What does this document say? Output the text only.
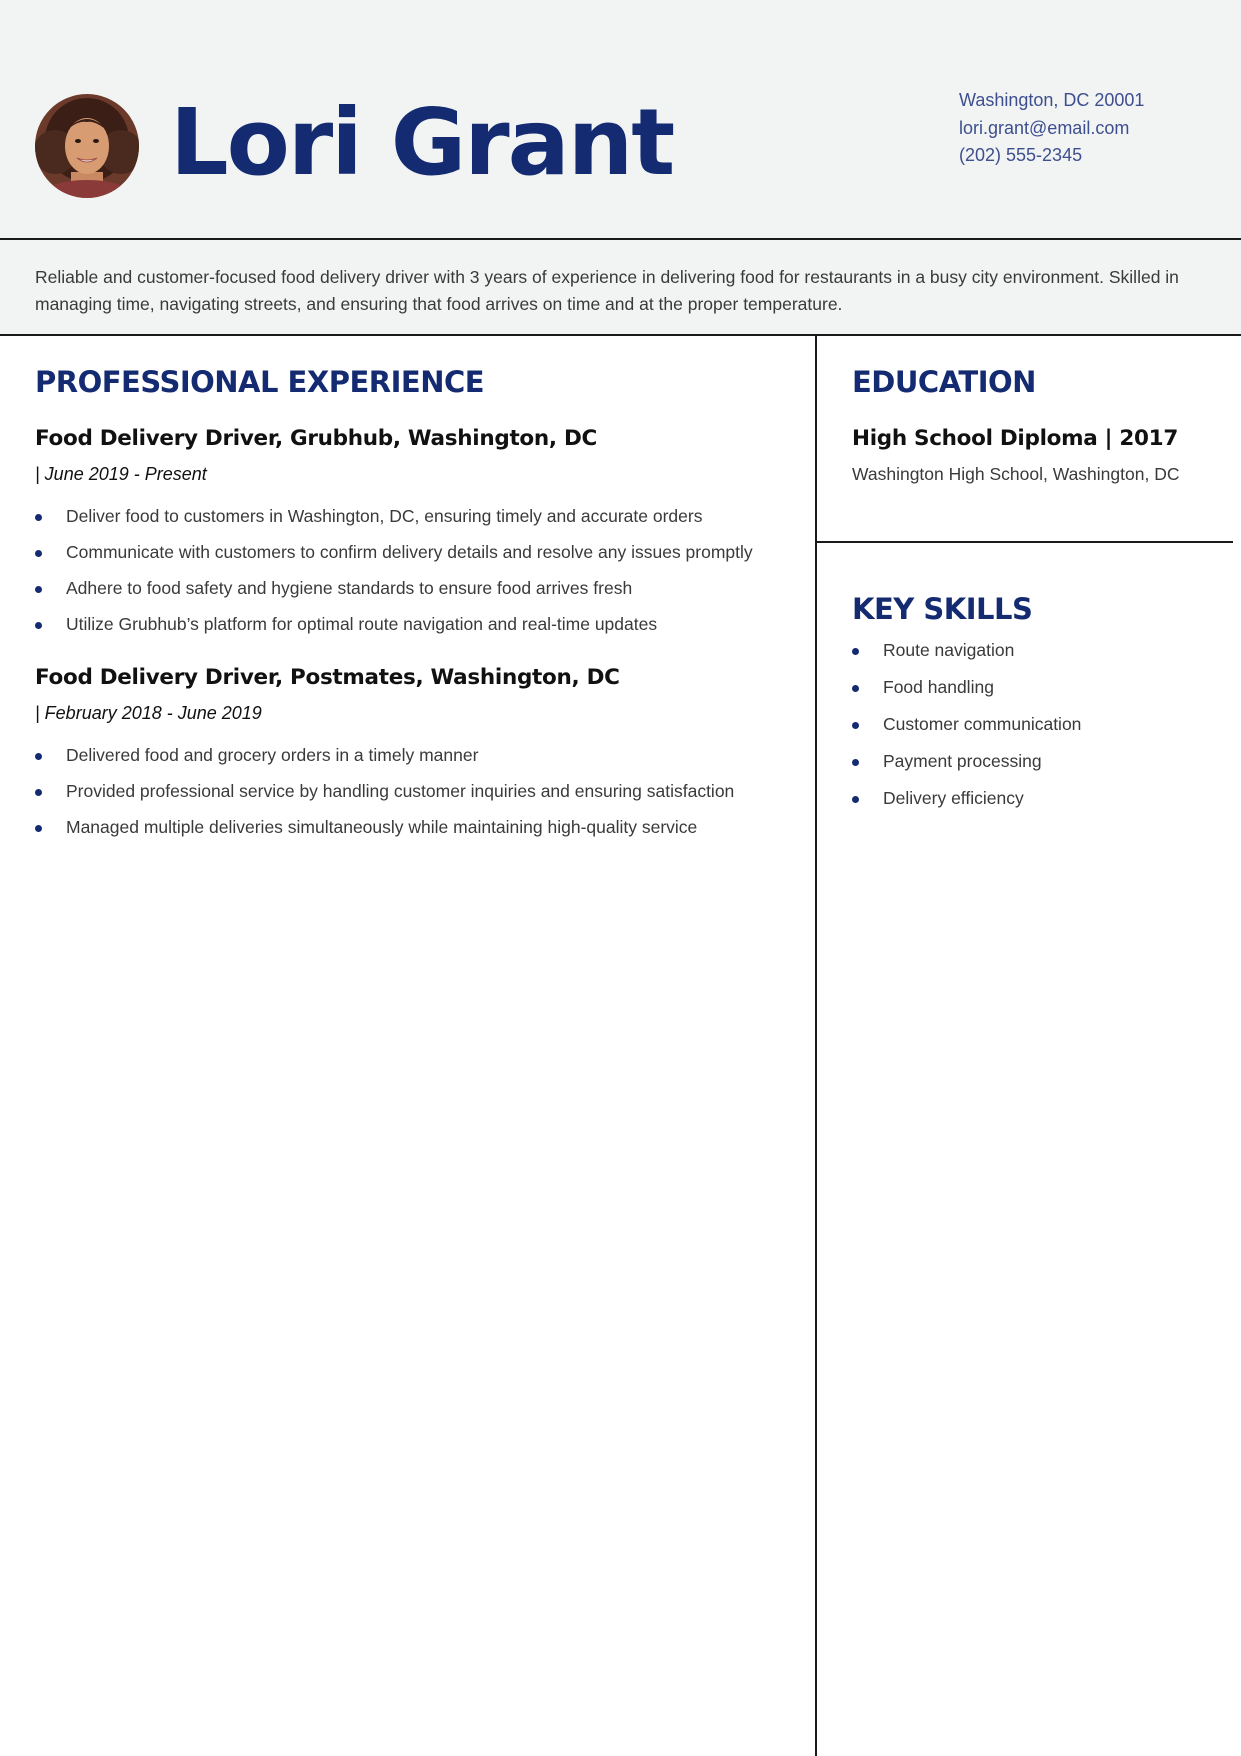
Lori Grant	Washington, DC 20001
lori.grant@email.com
(202) 555-2345
Reliable and customer-focused food delivery driver with 3 years of experience in delivering food for restaurants in a busy city environment. Skilled in managing time, navigating streets, and ensuring that food arrives on time and at the proper temperature.
PROFESSIONAL EXPERIENCE
Food Delivery Driver, Grubhub, Washington, DC
| June 2019 - Present
Deliver food to customers in Washington, DC, ensuring timely and accurate orders
Communicate with customers to confirm delivery details and resolve any issues promptly
Adhere to food safety and hygiene standards to ensure food arrives fresh
Utilize Grubhub’s platform for optimal route navigation and real-time updates
Food Delivery Driver, Postmates, Washington, DC
| February 2018 - June 2019
Delivered food and grocery orders in a timely manner
Provided professional service by handling customer inquiries and ensuring satisfaction
Managed multiple deliveries simultaneously while maintaining high-quality service
EDUCATION
High School Diploma | 2017
Washington High School, Washington, DC
KEY SKILLS
Route navigation
Food handling
Customer communication
Payment processing
Delivery efficiency
